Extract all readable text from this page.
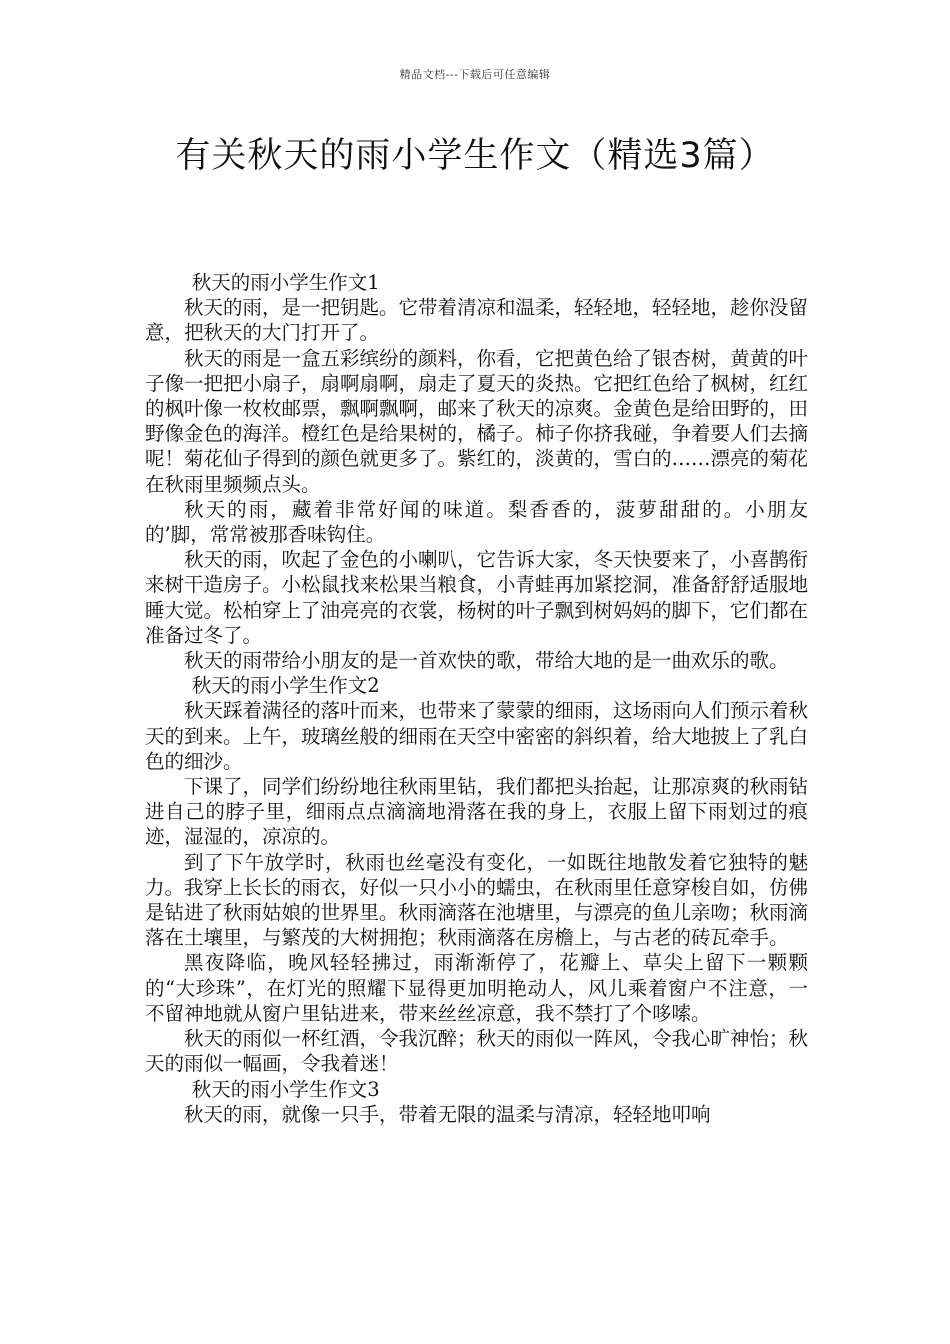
精品文档---下载后可任意编辑
有关秋天的雨小学生作文（精选3篇）

秋天的雨小学生作文1

秋天的雨，是一把钥匙。它带着清凉和温柔，轻轻地，轻轻地，趁你没留意，把秋天的大门打开了。

秋天的雨是一盒五彩缤纷的颜料，你看，它把黄色给了银杏树，黄黄的叶子像一把把小扇子，扇啊扇啊，扇走了夏天的炎热。它把红色给了枫树，红红的枫叶像一枚枚邮票，飘啊飘啊，邮来了秋天的凉爽。金黄色是给田野的，田野像金色的海洋。橙红色是给果树的，橘子。柿子你挤我碰，争着要人们去摘呢！菊花仙子得到的颜色就更多了。紫红的，淡黄的，雪白的……漂亮的菊花在秋雨里频频点头。

秋天的雨，藏着非常好闻的味道。梨香香的，菠萝甜甜的。小朋友的’脚，常常被那香味钩住。

秋天的雨，吹起了金色的小喇叭，它告诉大家，冬天快要来了，小喜鹊衔来树干造房子。小松鼠找来松果当粮食，小青蛙再加紧挖洞，准备舒舒适服地睡大觉。松柏穿上了油亮亮的衣裳，杨树的叶子飘到树妈妈的脚下，它们都在准备过冬了。

秋天的雨带给小朋友的是一首欢快的歌，带给大地的是一曲欢乐的歌。

秋天的雨小学生作文2

秋天踩着满径的落叶而来，也带来了蒙蒙的细雨，这场雨向人们预示着秋天的到来。上午，玻璃丝般的细雨在天空中密密的斜织着，给大地披上了乳白色的细沙。

下课了，同学们纷纷地往秋雨里钻，我们都把头抬起，让那凉爽的秋雨钻进自己的脖子里，细雨点点滴滴地滑落在我的身上，衣服上留下雨划过的痕迹，湿湿的，凉凉的。

到了下午放学时，秋雨也丝毫没有变化，一如既往地散发着它独特的魅力。我穿上长长的雨衣，好似一只小小的蠕虫，在秋雨里任意穿梭自如，仿佛是钻进了秋雨姑娘的世界里。秋雨滴落在池塘里，与漂亮的鱼儿亲吻；秋雨滴落在土壤里，与繁茂的大树拥抱；秋雨滴落在房檐上，与古老的砖瓦牵手。

黑夜降临，晚风轻轻拂过，雨渐渐停了，花瓣上、草尖上留下一颗颗的“大珍珠”，在灯光的照耀下显得更加明艳动人，风儿乘着窗户不注意，一不留神地就从窗户里钻进来，带来丝丝凉意，我不禁打了个哆嗦。

秋天的雨似一杯红酒，令我沉醉；秋天的雨似一阵风，令我心旷神怡；秋天的雨似一幅画，令我着迷！

秋天的雨小学生作文3

秋天的雨，就像一只手，带着无限的温柔与清凉，轻轻地叩响
